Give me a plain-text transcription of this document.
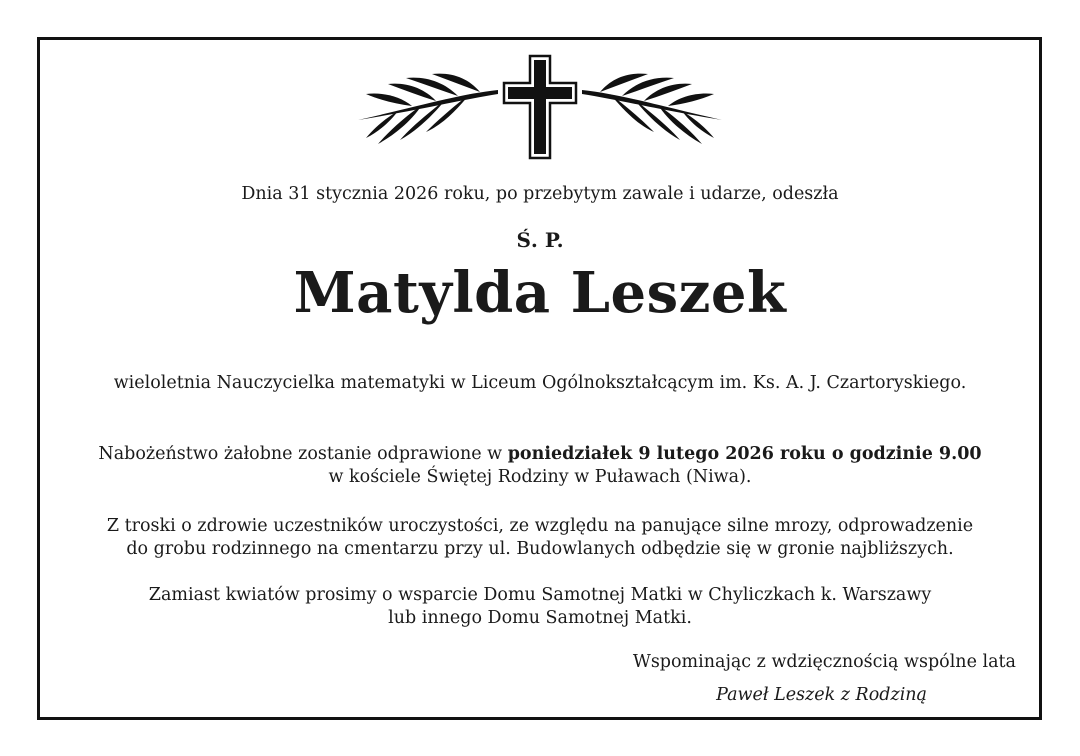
Dnia 31 stycznia 2026 roku, po przebytym zawale i udarze, odeszła
Ś. P.
Matylda Leszek
wieloletnia Nauczycielka matematyki w Liceum Ogólnokształcącym im. Ks. A. J. Czartoryskiego.
Nabożeństwo żałobne zostanie odprawione w poniedziałek 9 lutego 2026 roku o godzinie 9.00
w kościele Świętej Rodziny w Puławach (Niwa).
Z troski o zdrowie uczestników uroczystości, ze względu na panujące silne mrozy, odprowadzenie
do grobu rodzinnego na cmentarzu przy ul. Budowlanych odbędzie się w gronie najbliższych.
Zamiast kwiatów prosimy o wsparcie Domu Samotnej Matki w Chyliczkach k. Warszawy
lub innego Domu Samotnej Matki.
Wspominając z wdzięcznością wspólne lata
Paweł Leszek z Rodziną
